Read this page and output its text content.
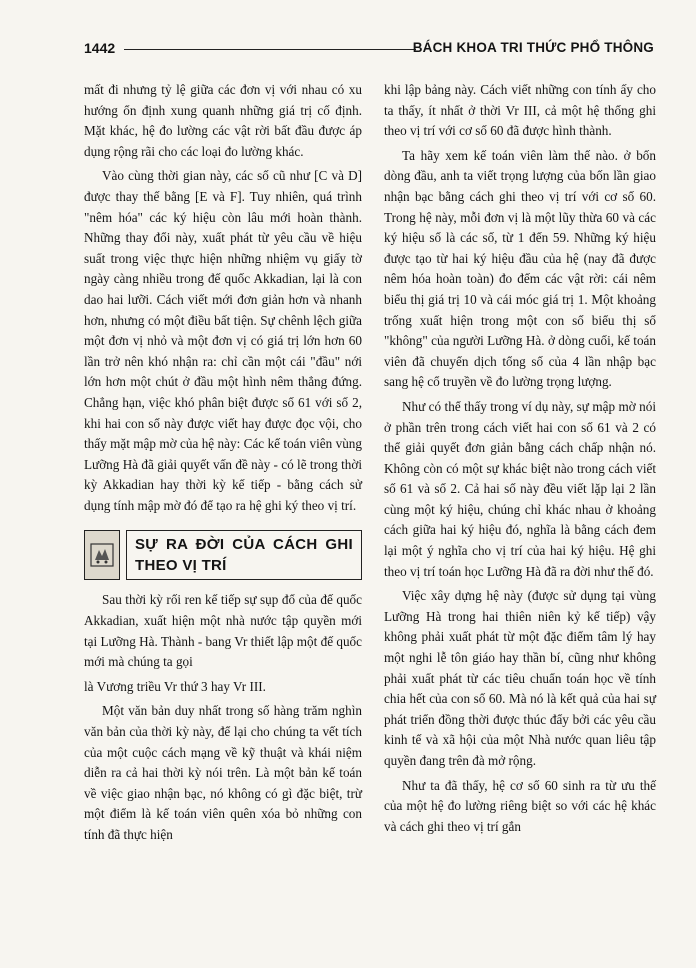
1442	BÁCH KHOA TRI THỨC PHỔ THÔNG

mất đi nhưng tỷ lệ giữa các đơn vị với nhau có xu hướng ổn định xung quanh những giá trị cố định. Mặt khác, hệ đo lường các vật rời bất đầu được áp dụng rộng rãi cho các loại đo lường khác.

Vào cùng thời gian này, các số cũ như [C và D] được thay thế bằng [E và F]. Tuy nhiên, quá trình "nêm hóa" các ký hiệu còn lâu mới hoàn thành. Những thay đổi này, xuất phát từ yêu cầu về hiệu suất trong việc thực hiện những nhiệm vụ giấy tờ ngày càng nhiều trong đế quốc Akkadian, lại là con dao hai lưỡi. Cách viết mới đơn giản hơn và nhanh hơn, nhưng có một điều bất tiện. Sự chênh lệch giữa một đơn vị nhỏ và một đơn vị có giá trị lớn hơn 60 lần trở nên khó nhận ra: chỉ cần một cái "đầu" nới lớn hơn một chút ở đầu một hình nêm thẳng đứng. Chẳng hạn, việc khó phân biệt được số 61 với số 2, khi hai con số này được viết hay được đọc vội, cho thấy mặt mập mờ của hệ này: Các kế toán viên vùng Lưỡng Hà đã giải quyết vấn đề này - có lẽ trong thời kỳ Akkadian hay thời kỳ kế tiếp - bằng cách sử dụng tính mập mờ đó để tạo ra hệ ghi ký theo vị trí.

SỰ RA ĐỜI CỦA CÁCH GHI THEO VỊ TRÍ

Sau thời kỳ rối ren kế tiếp sự sụp đổ của đế quốc Akkadian, xuất hiện một nhà nước tập quyền mới tại Lưỡng Hà. Thành - bang Vr thiết lập một đế quốc mới mà chúng ta gọi

là Vương triều Vr thứ 3 hay Vr III.

Một văn bản duy nhất trong số hàng trăm nghìn văn bản của thời kỳ này, để lại cho chúng ta vết tích của một cuộc cách mạng về kỹ thuật và khái niệm diễn ra cả hai thời kỳ nói trên. Là một bản kế toán về việc giao nhận bạc, nó không có gì đặc biệt, trừ một điểm là kế toán viên quên xóa bỏ những con tính đã thực hiện

khi lập bảng này. Cách viết những con tính ấy cho ta thấy, ít nhất ở thời Vr III, cả một hệ thống ghi theo vị trí với cơ số 60 đã được hình thành.

Ta hãy xem kế toán viên làm thế nào. ở bốn dòng đầu, anh ta viết trọng lượng của bốn lần giao nhận bạc bằng cách ghi theo vị trí với cơ số 60. Trong hệ này, mỗi đơn vị là một lũy thừa 60 và các ký hiệu số là các số, từ 1 đến 59. Những ký hiệu được tạo từ hai ký hiệu đầu của hệ (nay đã được nêm hóa hoàn toàn) đo đếm các vật rời: cái nêm biểu thị giá trị 10 và cái móc giá trị 1. Một khoảng trống xuất hiện trong một con số biểu thị số "không" của người Lưỡng Hà. ở dòng cuối, kế toán viên đã chuyển dịch tổng số của 4 lần nhập bạc sang hệ cổ truyền về đo lường trọng lượng.

Như có thể thấy trong ví dụ này, sự mập mờ nói ở phần trên trong cách viết hai con số 61 và 2 có thể giải quyết đơn giản bằng cách chấp nhận nó. Không còn có một sự khác biệt nào trong cách viết số 61 và số 2. Cả hai số này đều viết lặp lại 2 lần cùng một ký hiệu, chúng chỉ khác nhau ở khoảng cách giữa hai ký hiệu đó, nghĩa là bằng cách đem lại một ý nghĩa cho vị trí của hai ký hiệu. Hệ ghi theo vị trí toán học Lưỡng Hà đã ra đời như thế đó.

Việc xây dựng hệ này (được sử dụng tại vùng Lưỡng Hà trong hai thiên niên kỷ kế tiếp) vậy không phải xuất phát từ một đặc điểm tâm lý hay một nghi lễ tôn giáo hay thần bí, cũng như không phải xuất phát từ các tiêu chuẩn toán học về tính chia hết của con số 60. Mà nó là kết quả của hai sự phát triển đồng thời được thúc đẩy bởi các yêu cầu kinh tế và xã hội của một Nhà nước quan liêu tập quyền đang trên đà mở rộng.

Như ta đã thấy, hệ cơ số 60 sinh ra từ ưu thế của một hệ đo lường riêng biệt so với các hệ khác và cách ghi theo vị trí gắn
